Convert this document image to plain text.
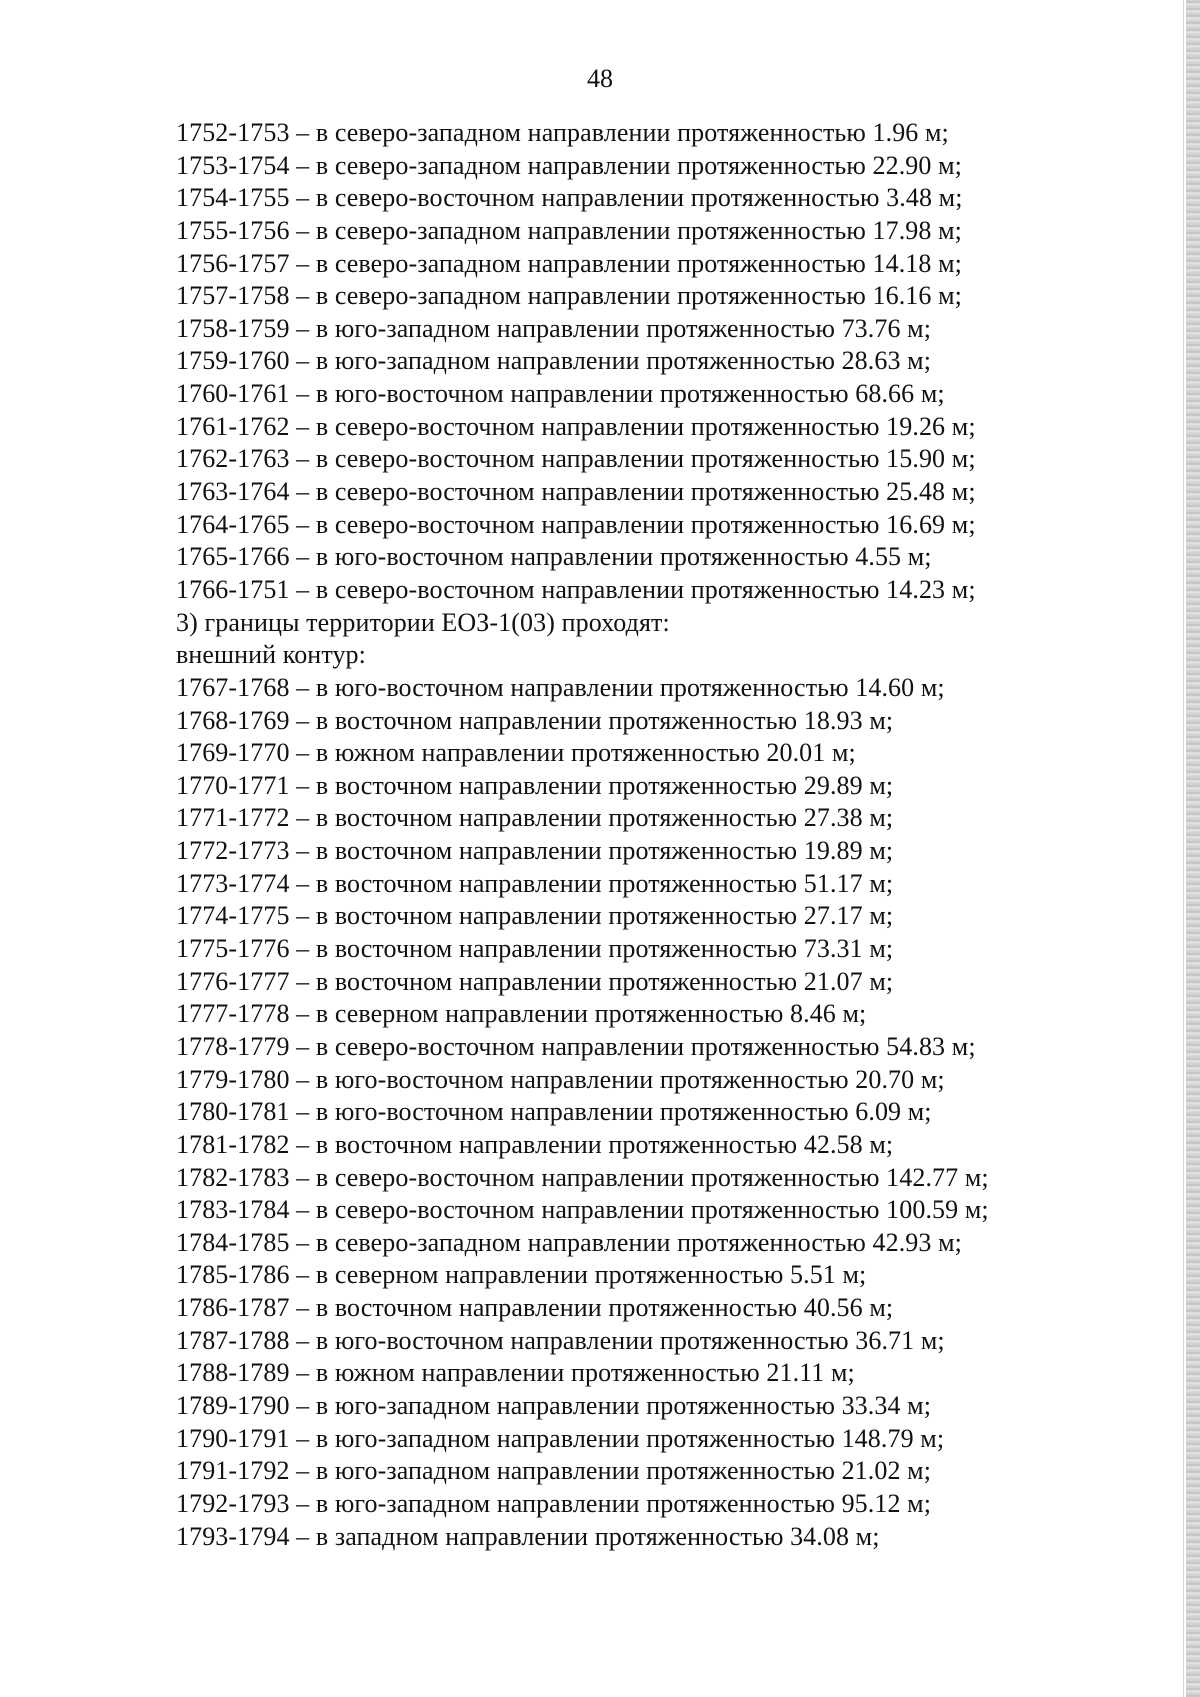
48
1752-1753 – в северо-западном направлении протяженностью 1.96 м;
1753-1754 – в северо-западном направлении протяженностью 22.90 м;
1754-1755 – в северо-восточном направлении протяженностью 3.48 м;
1755-1756 – в северо-западном направлении протяженностью 17.98 м;
1756-1757 – в северо-западном направлении протяженностью 14.18 м;
1757-1758 – в северо-западном направлении протяженностью 16.16 м;
1758-1759 – в юго-западном направлении протяженностью 73.76 м;
1759-1760 – в юго-западном направлении протяженностью 28.63 м;
1760-1761 – в юго-восточном направлении протяженностью 68.66 м;
1761-1762 – в северо-восточном направлении протяженностью 19.26 м;
1762-1763 – в северо-восточном направлении протяженностью 15.90 м;
1763-1764 – в северо-восточном направлении протяженностью 25.48 м;
1764-1765 – в северо-восточном направлении протяженностью 16.69 м;
1765-1766 – в юго-восточном направлении протяженностью 4.55 м;
1766-1751 – в северо-восточном направлении протяженностью 14.23 м;
3) границы территории ЕОЗ-1(03) проходят:
внешний контур:
1767-1768 – в юго-восточном направлении протяженностью 14.60 м;
1768-1769 – в восточном направлении протяженностью 18.93 м;
1769-1770 – в южном направлении протяженностью 20.01 м;
1770-1771 – в восточном направлении протяженностью 29.89 м;
1771-1772 – в восточном направлении протяженностью 27.38 м;
1772-1773 – в восточном направлении протяженностью 19.89 м;
1773-1774 – в восточном направлении протяженностью 51.17 м;
1774-1775 – в восточном направлении протяженностью 27.17 м;
1775-1776 – в восточном направлении протяженностью 73.31 м;
1776-1777 – в восточном направлении протяженностью 21.07 м;
1777-1778 – в северном направлении протяженностью 8.46 м;
1778-1779 – в северо-восточном направлении протяженностью 54.83 м;
1779-1780 – в юго-восточном направлении протяженностью 20.70 м;
1780-1781 – в юго-восточном направлении протяженностью 6.09 м;
1781-1782 – в восточном направлении протяженностью 42.58 м;
1782-1783 – в северо-восточном направлении протяженностью 142.77 м;
1783-1784 – в северо-восточном направлении протяженностью 100.59 м;
1784-1785 – в северо-западном направлении протяженностью 42.93 м;
1785-1786 – в северном направлении протяженностью 5.51 м;
1786-1787 – в восточном направлении протяженностью 40.56 м;
1787-1788 – в юго-восточном направлении протяженностью 36.71 м;
1788-1789 – в южном направлении протяженностью 21.11 м;
1789-1790 – в юго-западном направлении протяженностью 33.34 м;
1790-1791 – в юго-западном направлении протяженностью 148.79 м;
1791-1792 – в юго-западном направлении протяженностью 21.02 м;
1792-1793 – в юго-западном направлении протяженностью 95.12 м;
1793-1794 – в западном направлении протяженностью 34.08 м;
